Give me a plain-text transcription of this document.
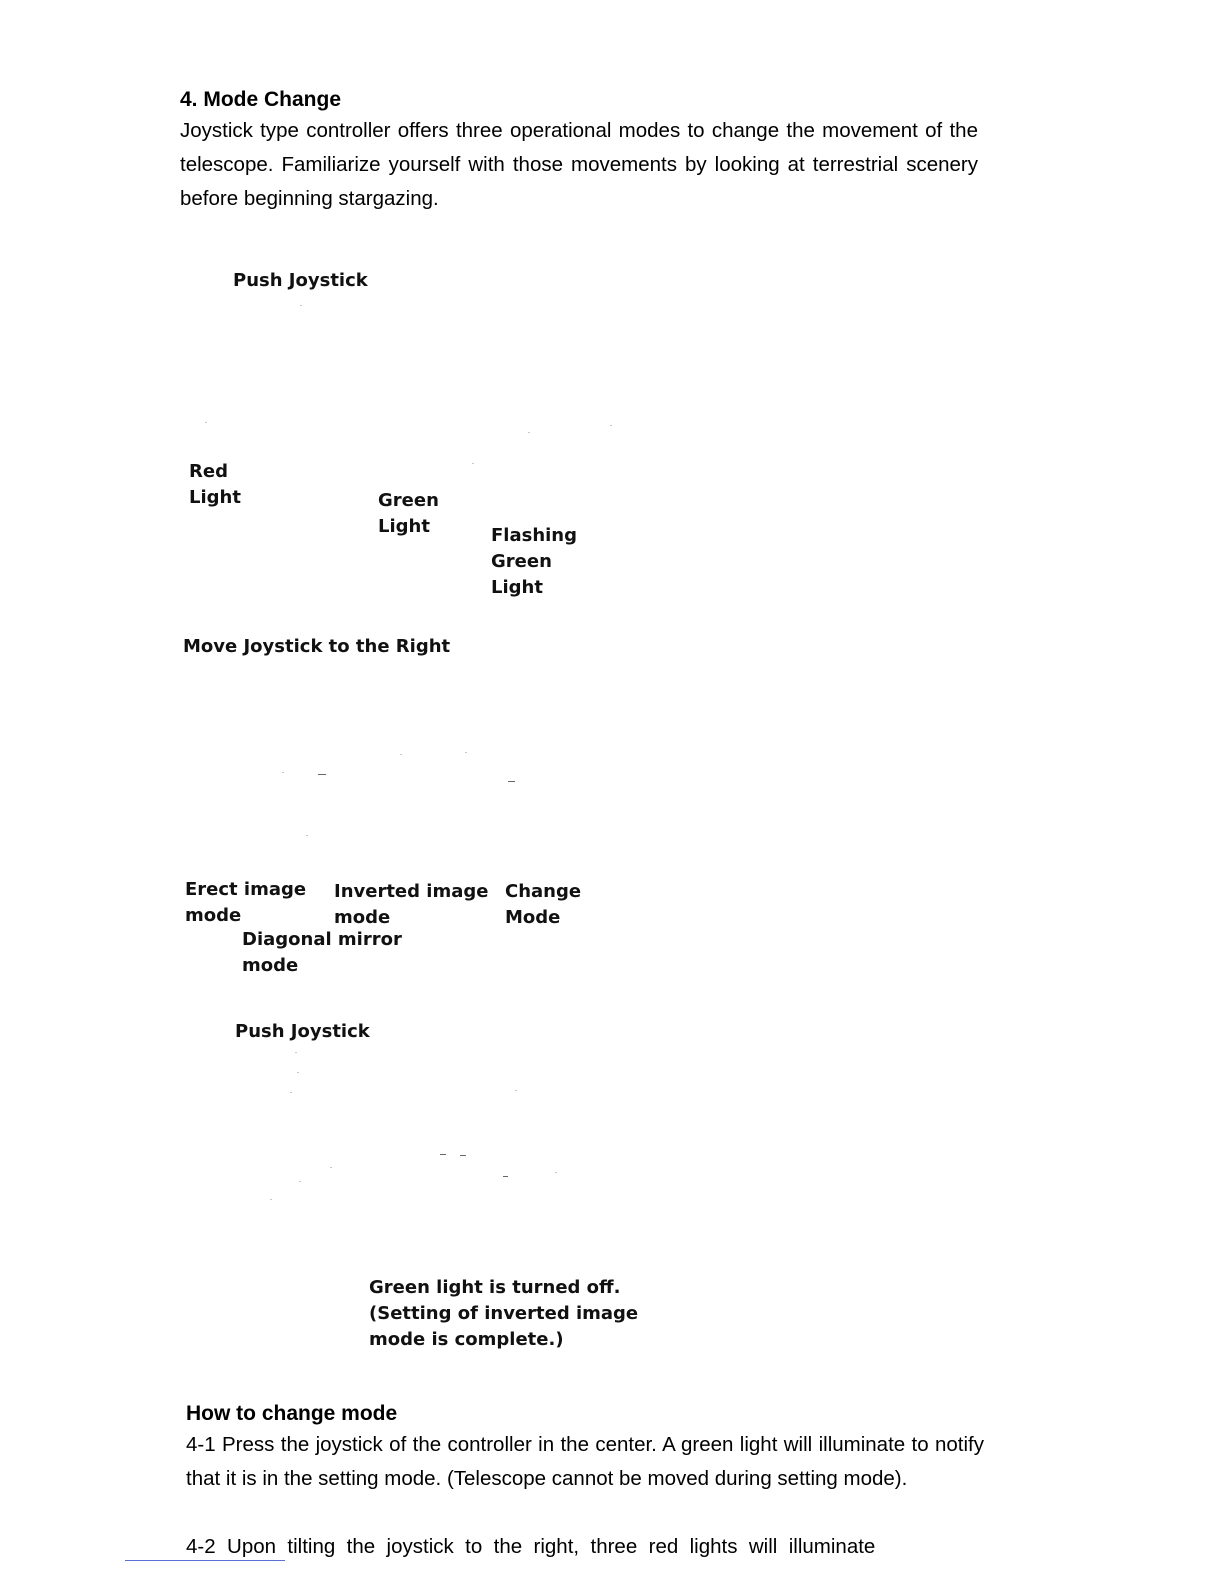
4. Mode Change
Joystick type controller offers three operational modes to change the movement of the telescope. Familiarize yourself with those movements by looking at terrestrial scenery before beginning stargazing.
Push Joystick
Red
Light	Green
Light	Flashing
Green
Light
Move Joystick to the Right
Erect image
mode
Inverted image
mode
Change
Mode
Diagonal mirror
mode
Push Joystick
Green light is turned off.
(Setting of inverted image
mode is complete.)
How to change mode
4-1 Press the joystick of the controller in the center. A green light will illuminate to notify that it is in the setting mode. (Telescope cannot be moved during setting mode).
4-2  Upon  tilting  the  joystick  to  the  right,  three  red  lights  will  illuminate
